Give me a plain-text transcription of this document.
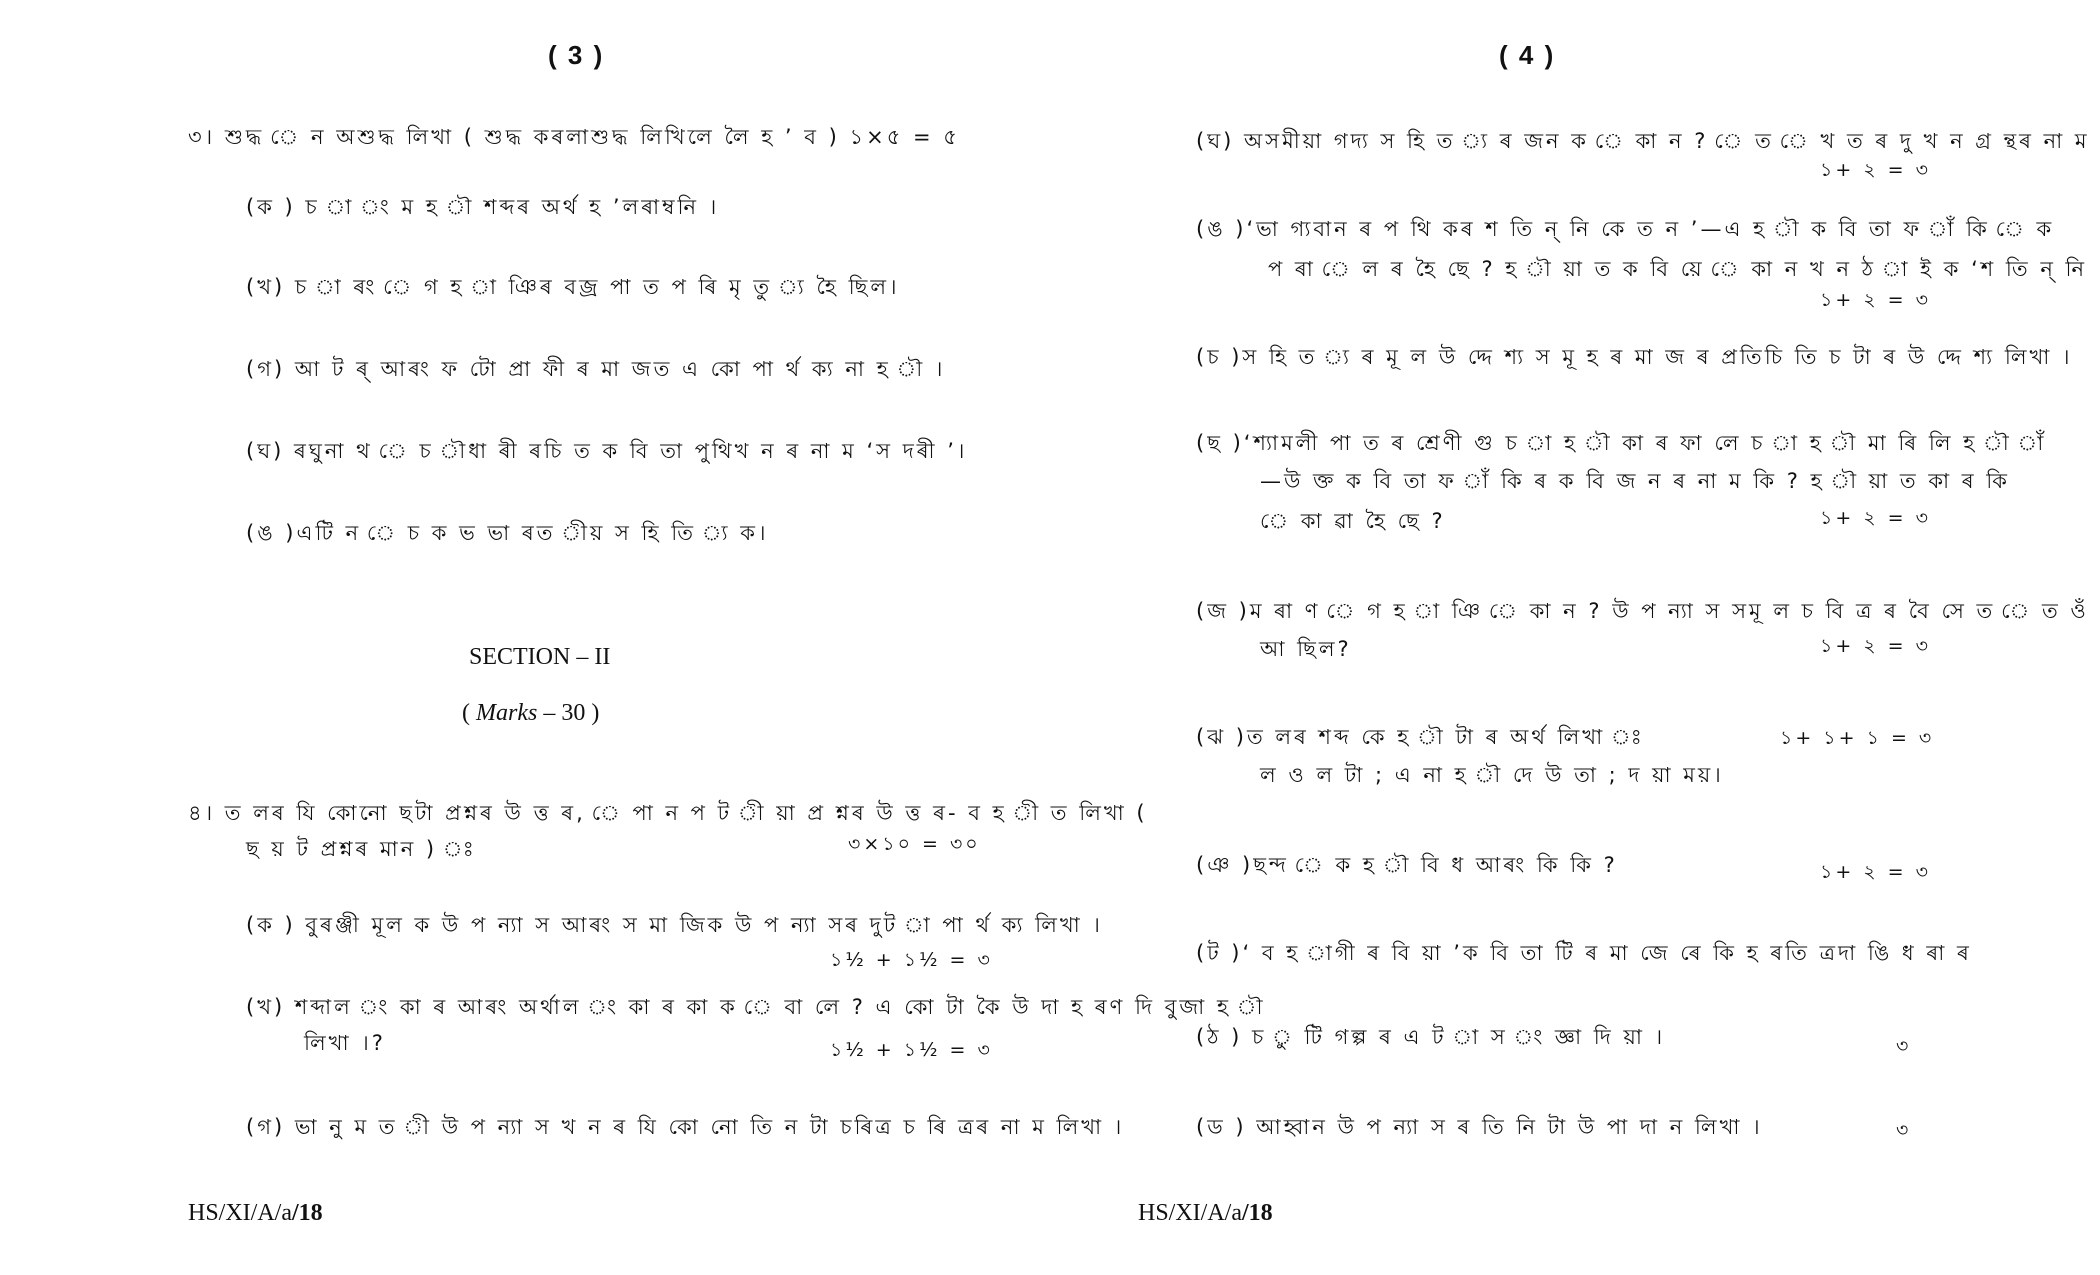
( 3 )
৩। শুদ্ধ ে ন অশুদ্ধ লিখা ( শুদ্ধ কৰলাশুদ্ধ লিখিলে লৈ হ ’ ব ) ১×৫ = ৫
(ক ) চ া ং ম হ ৗ শব্দৰ অৰ্থ হ ’লৰাম্বনি ।
(খ) চ া ৰং ে গ হ া ঞিৰ বজ্ৰ পা ত প ৰি মৃ তু ্য হৈ ছিল।
(গ) আ ট ৰ্ আৰং ফ টো প্ৰা ফী ৰ মা জত এ কো পা ৰ্থ ক্য না হ ৗ ।
(ঘ) ৰঘুনা থ ে চ ৗধা ৰী ৰচি ত ক বি তা পুথিখ ন ৰ না ম ‘স দৰী ’।
(ঙ )এটি ন ে চ ক ভ ভা ৰত ীয় স হি তি ্য ক।
SECTION – II
( Marks – 30 )
৪। ত লৰ যি কোনো ছটা প্ৰশ্নৰ উ ত্ত ৰ, ে পা ন প ট ী য়া প্ৰ শ্নৰ উ ত্ত ৰ- ব হ ী ত লিখা (
ছ য় ট প্ৰশ্নৰ মান ) ঃ	৩×১০ = ৩০
(ক ) বুৰঞ্জী মূল ক উ প ন্যা স আৰং স মা জিক উ প ন্যা সৰ দুট া পা ৰ্থ ক্য লিখা ।
১½ + ১½ = ৩
(খ) শব্দাল ং কা ৰ আৰং অৰ্থাল ং কা ৰ কা ক ে বা লে ? এ কো টা কৈ উ দা হ ৰণ দি বুজা হ ৗ
লিখা ।?	১½ + ১½ = ৩
(গ) ভা নু ম ত ী উ প ন্যা স খ ন ৰ যি কো নো তি ন টা চৰিত্ৰ চ ৰি ত্ৰৰ না ম লিখা ।
HS/XI/A/a/18
( 4 )
(ঘ) অসমীয়া গদ্য স হি ত ্য ৰ জন ক ে কা ন ? ে ত ে খ ত ৰ দু খ ন গ্ৰ ন্থৰ না ম
১+ ২ = ৩
(ঙ )‘ভা গ্যবান ৰ প থি কৰ শ তি ন্ নি কে ত ন ’—এ হ ৗ ক বি তা ফ াঁ কি ে ক
প ৰা ে ল ৰ হৈ ছে ? হ ৗ য়া ত ক বি য়ে ে কা ন খ ন ঠ া ই ক ‘শ তি ন্ নি
১+ ২ = ৩
(চ )স হি ত ্য ৰ মূ ল উ দ্দে শ্য স মূ হ ৰ মা জ ৰ প্ৰতিচি তি চ টা ৰ উ দ্দে শ্য লিখা ।
(ছ )‘শ্যামলী পা ত ৰ শ্ৰেণী গু চ া হ ৗ কা ৰ ফা লে চ া হ ৗ মা ৰি লি হ ৗ াঁ
—উ ক্ত ক বি তা ফ াঁ কি ৰ ক বি জ ন ৰ না ম কি ? হ ৗ য়া ত কা ৰ কি
ে কা ৱা হৈ ছে ?	১+ ২ = ৩
(জ )ম ৰা ণ ে গ হ া ঞি ে কা ন ? উ প ন্যা স সমূ ল চ বি ত্ৰ ৰ বৈ সে ত ে ত ওঁ
আ ছিল?	১+ ২ = ৩
(ঝ )ত লৰ শব্দ কে হ ৗ টা ৰ অৰ্থ লিখা ঃ
ল ও ল টা ; এ না হ ৗ দে উ তা ; দ য়া ময়।
১+ ১+ ১ = ৩
(ঞ )ছন্দ ে ক হ ৗ বি ধ আৰং কি কি ?	১+ ২ = ৩
(ট )‘ ব হ াগী ৰ বি য়া ’ক বি তা টি ৰ মা জে ৰে কি হ ৰতি ত্ৰদা ঙি ধ ৰা ৰ
(ঠ ) চ ু টি গল্প ৰ এ ট া স ং জ্ঞা দি য়া ।	৩
(ড ) আহ্বান উ প ন্যা স ৰ তি নি টা উ পা দা ন লিখা ।	৩
HS/XI/A/a/18
